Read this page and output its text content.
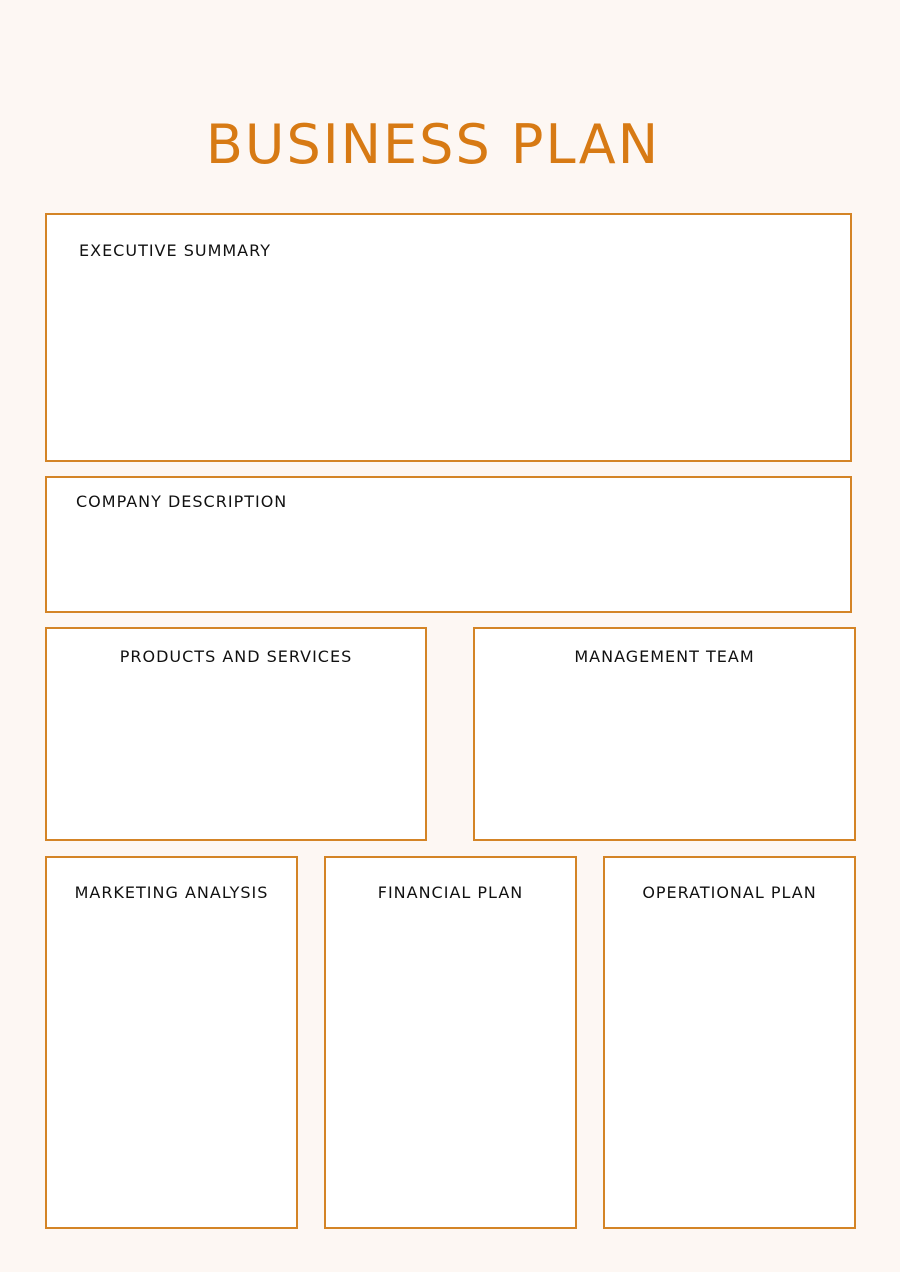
BUSINESS PLAN
EXECUTIVE SUMMARY
COMPANY DESCRIPTION
PRODUCTS AND SERVICES	MANAGEMENT TEAM
MARKETING ANALYSIS	FINANCIAL PLAN	OPERATIONAL PLAN
